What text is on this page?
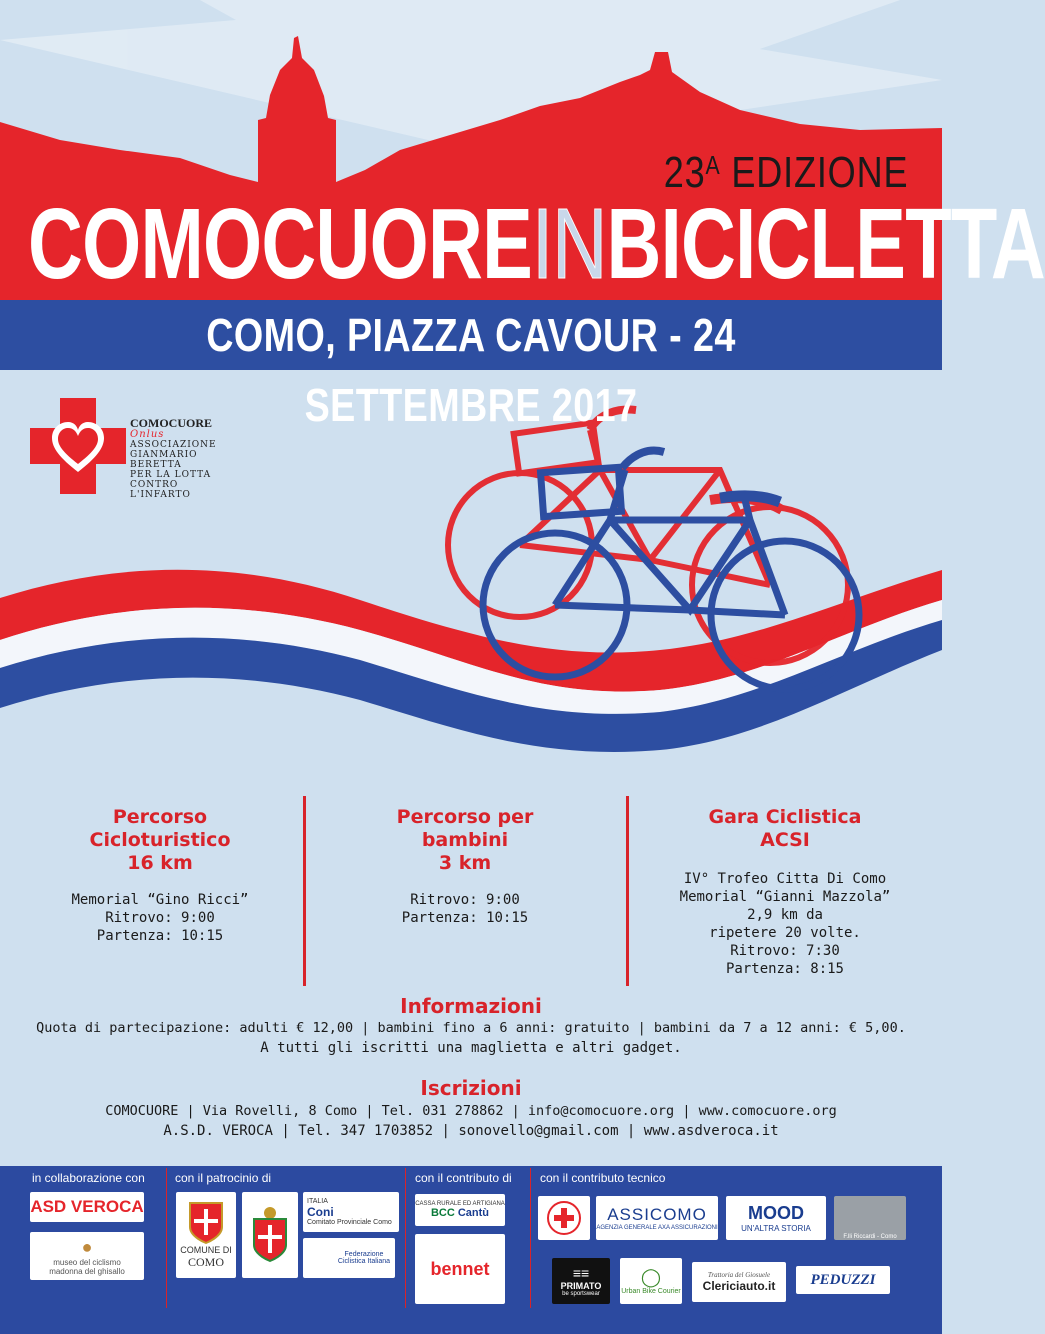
$23^A$ EDIZIONE
COMOCUOREINBICICLETTA
COMO, PIAZZA CAVOUR - 24 SETTEMBRE 2017
COMOCUORE Onlus
ASSOCIAZIONE
GIANMARIO BERETTA
PER LA LOTTA
CONTRO L'INFARTO
Percorso
Cicloturistico
16 km

Memorial “Gino Ricci”

Ritrovo: 9:00

Partenza: 10:15

Percorso per
bambini
3 km

Ritrovo: 9:00

Partenza: 10:15

Gara Ciclistica
ACSI

IV° Trofeo Citta Di Como

Memorial “Gianni Mazzola”

2,9 km da

ripetere 20 volte.

Ritrovo: 7:30

Partenza: 8:15

Informazioni
Quota di partecipazione: adulti € 12,00 | bambini fino a 6 anni: gratuito | bambini da 7 a 12 anni: € 5,00.
A tutti gli iscritti una maglietta e altri gadget.
Iscrizioni
COMOCUORE | Via Rovelli, 8 Como | Tel. 031 278862 | info@comocuore.org | www.comocuore.org
A.S.D. VEROCA | Tel. 347 1703852 | sonovello@gmail.com | www.asdveroca.it
in collaborazione con	con il patrocinio di	con il contributo di con il contributo tecnico
ASD VEROCA
●
museo del ciclismo
madonna del ghisallo
COMUNE DI
COMO
ITALIA
Coni
Comitato Provinciale Como
Federazione Ciclistica Italiana
CASSA RURALE ED ARTIGIANA
BCC Cantù
bennet
ASSICOMO
AGENZIA GENERALE AXA ASSICURAZIONI
MOOD
UN'ALTRA STORIA
F.lli Riccardi - Como
≡≡
PRIMATO
be sportswear
◯
Urban Bike Courier
Trattoria del Giosuele
Clericiauto.it	PEDUZZI
